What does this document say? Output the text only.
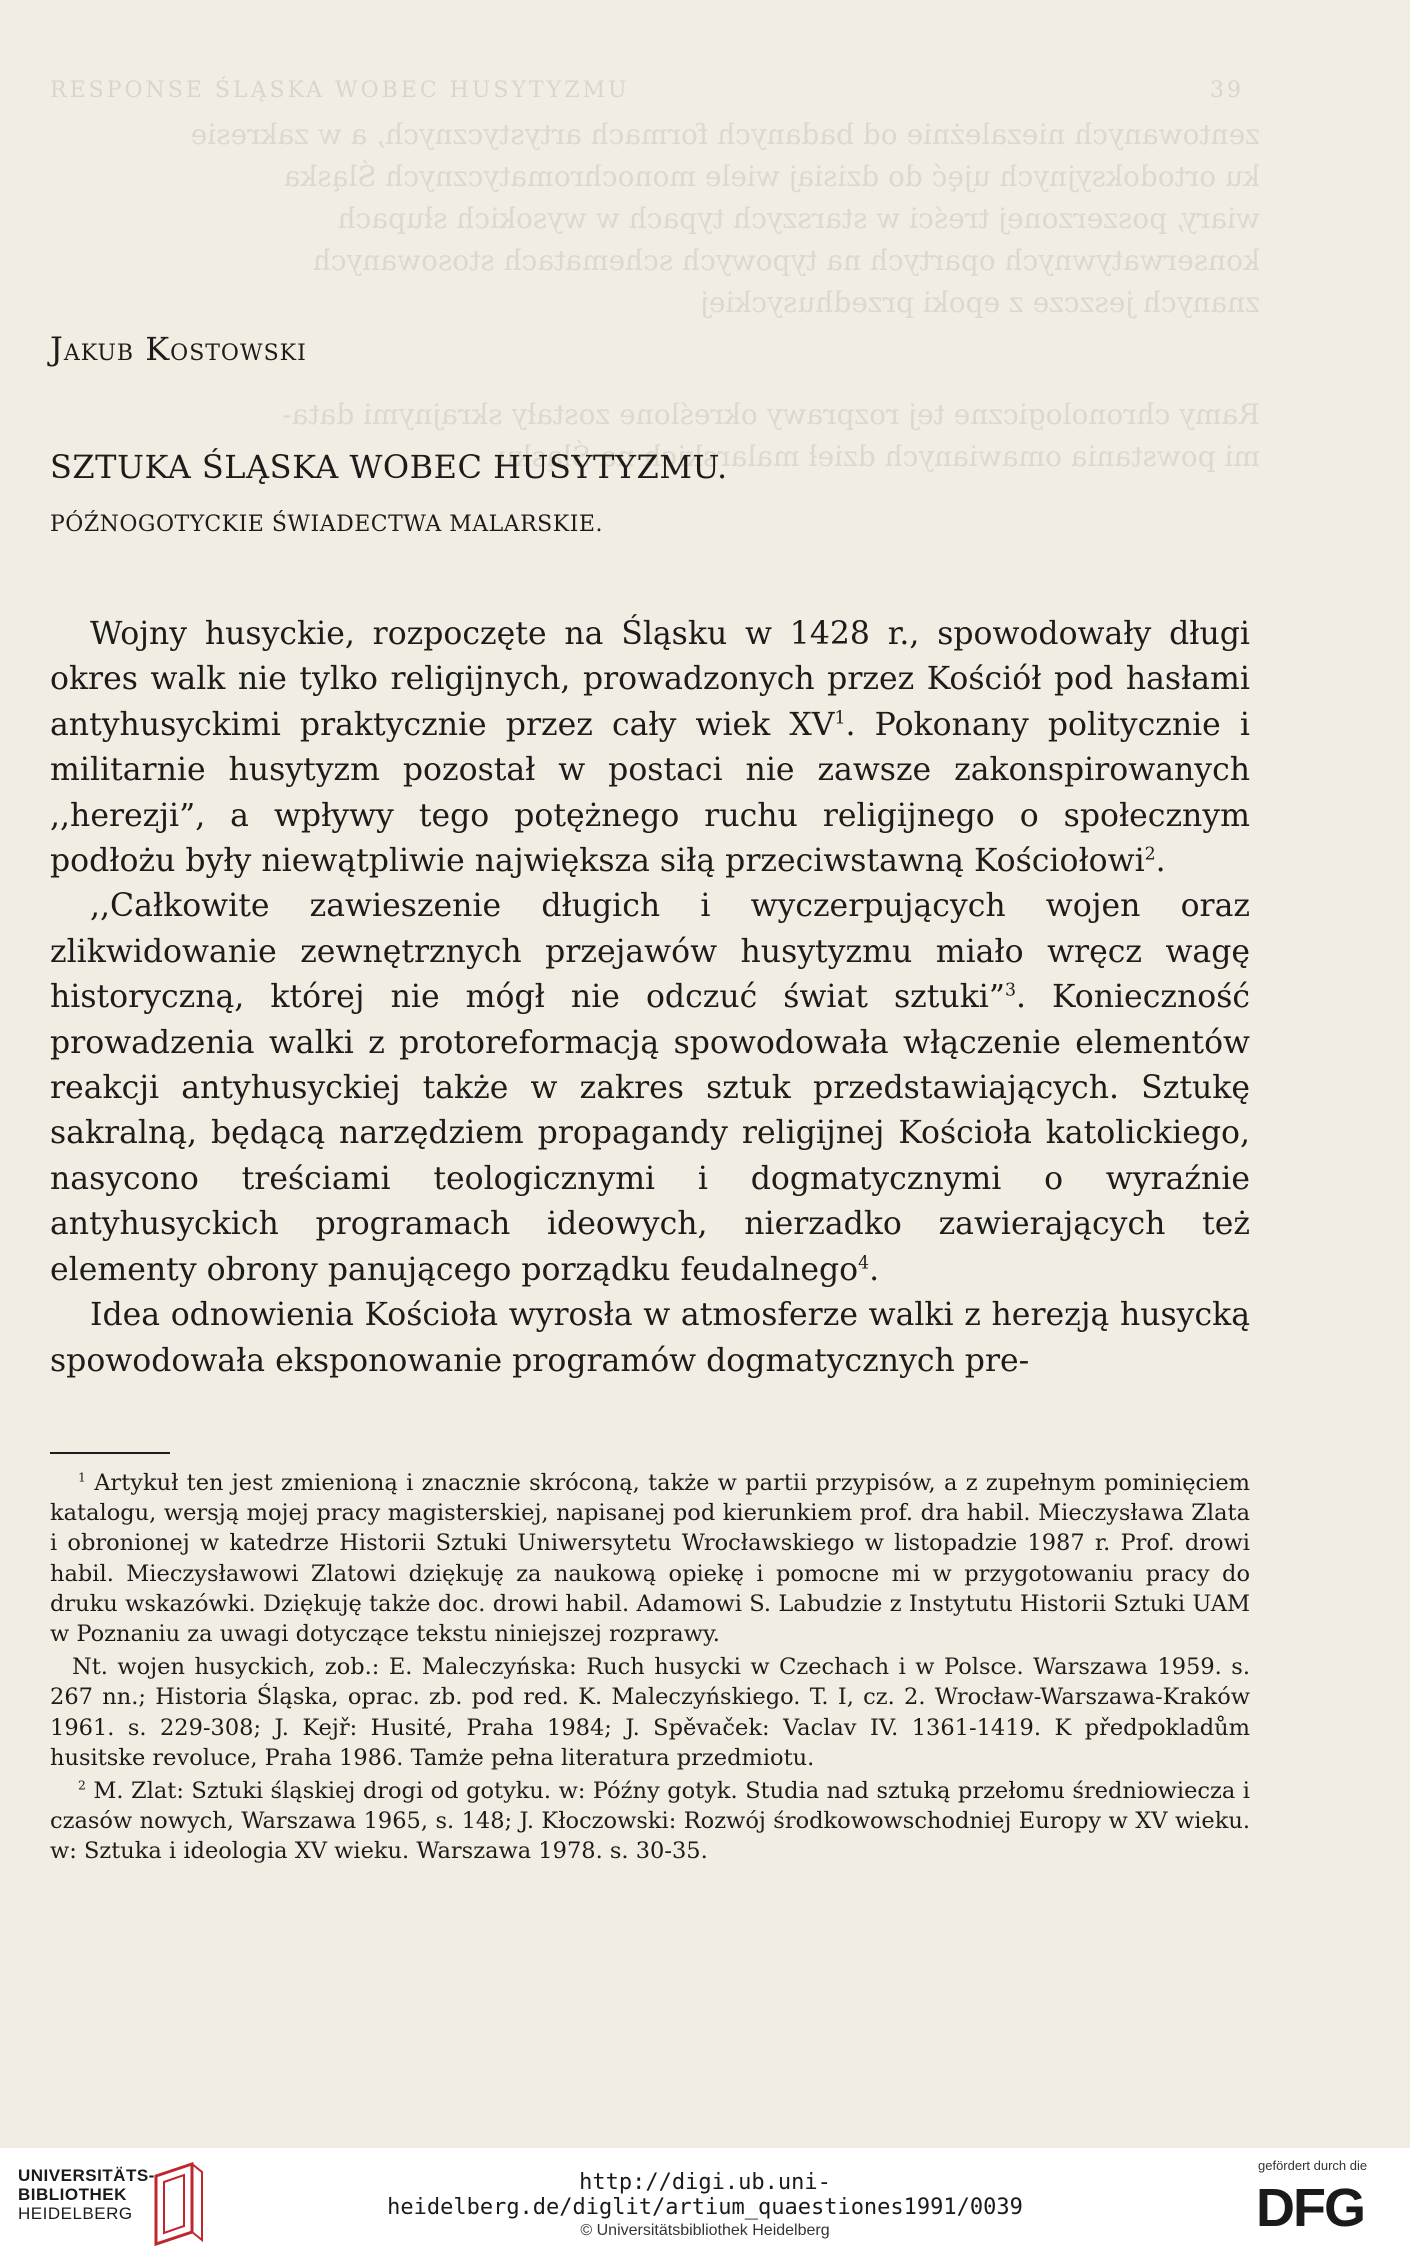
RESPONSE ŚLĄSKA WOBEC HUSYTYZMU	39
zentowanych niezależnie od badanych formach artystycznych, a w zakresie
ku ortodoksyjnych ujęć do dzisiaj wiele monochromatycznych Śląska
wiary, poszerzonej treści w starszych typach w wysokich słupach
konserwatywnych opartych na typowych schematach stosowanych
znanych jeszcze z epoki przedhusyckiej
Ramy chronologiczne tej rozprawy określone zostały skrajnymi data-
mi powstania omawianych dzieł malarskich na Śląsku
Jakub Kostowski
SZTUKA ŚLĄSKA WOBEC HUSYTYZMU.
PÓŹNOGOTYCKIE ŚWIADECTWA MALARSKIE.

Wojny husyckie, rozpoczęte na Śląsku w 1428 r., spowodowały długi okres walk nie tylko religijnych, prowadzonych przez Kościół pod hasłami antyhusyckimi praktycznie przez cały wiek $XV^1$. Pokonany politycznie i militarnie husytyzm pozostał w postaci nie zawsze zakonspirowanych ,,herezji”, a wpływy tego potężnego ruchu religijnego o społecznym podłożu były niewątpliwie największa siłą przeciwstawną Kościołowi$^2$.

,,Całkowite zawieszenie długich i wyczerpujących wojen oraz zlikwidowanie zewnętrznych przejawów husytyzmu miało wręcz wagę historyczną, której nie mógł nie odczuć świat sztuki”$^3$. Konieczność prowadzenia walki z protoreformacją spowodowała włączenie elementów reakcji antyhusyckiej także w zakres sztuk przedstawiających. Sztukę sakralną, będącą narzędziem propagandy religijnej Kościoła katolickiego, nasycono treściami teologicznymi i dogmatycznymi o wyraźnie antyhusyckich programach ideowych, nierzadko zawierających też elementy obrony panującego porządku feudalnego$^4$.

Idea odnowienia Kościoła wyrosła w atmosferze walki z herezją husycką spowodowała eksponowanie programów dogmatycznych pre-

$^1$ Artykuł ten jest zmienioną i znacznie skróconą, także w partii przypisów, a z zupełnym pominięciem katalogu, wersją mojej pracy magisterskiej, napisanej pod kierunkiem prof. dra habil. Mieczysława Zlata i obronionej w katedrze Historii Sztuki Uniwersytetu Wrocławskiego w listopadzie 1987 r. Prof. drowi habil. Mieczysławowi Zlatowi dziękuję za naukową opiekę i pomocne mi w przygotowaniu pracy do druku wskazówki. Dziękuję także doc. drowi habil. Adamowi S. Labudzie z Instytutu Historii Sztuki UAM w Poznaniu za uwagi dotyczące tekstu niniejszej rozprawy.

Nt. wojen husyckich, zob.: E. Maleczyńska: Ruch husycki w Czechach i w Polsce. Warszawa 1959. s. 267 nn.; Historia Śląska, oprac. zb. pod red. K. Maleczyńskiego. T. I, cz. 2. Wrocław-Warszawa-Kraków 1961. s. 229-308; J. Kejř: Husité, Praha 1984; J. Spěvaček: Vaclav IV. 1361-1419. K předpokladům husitske revoluce, Praha 1986. Tamże pełna literatura przedmiotu.

$^2$ M. Zlat: Sztuki śląskiej drogi od gotyku. w: Późny gotyk. Studia nad sztuką przełomu średniowiecza i czasów nowych, Warszawa 1965, s. 148; J. Kłoczowski: Rozwój środkowowschodniej Europy w XV wieku. w: Sztuka i ideologia XV wieku. Warszawa 1978. s. 30-35.

UNIVERSITÄTS-
BIBLIOTHEK
HEIDELBERG
http://digi.ub.uni-heidelberg.de/diglit/artium_quaestiones1991/0039
© Universitätsbibliothek Heidelberg
gefördert durch die
DFG
